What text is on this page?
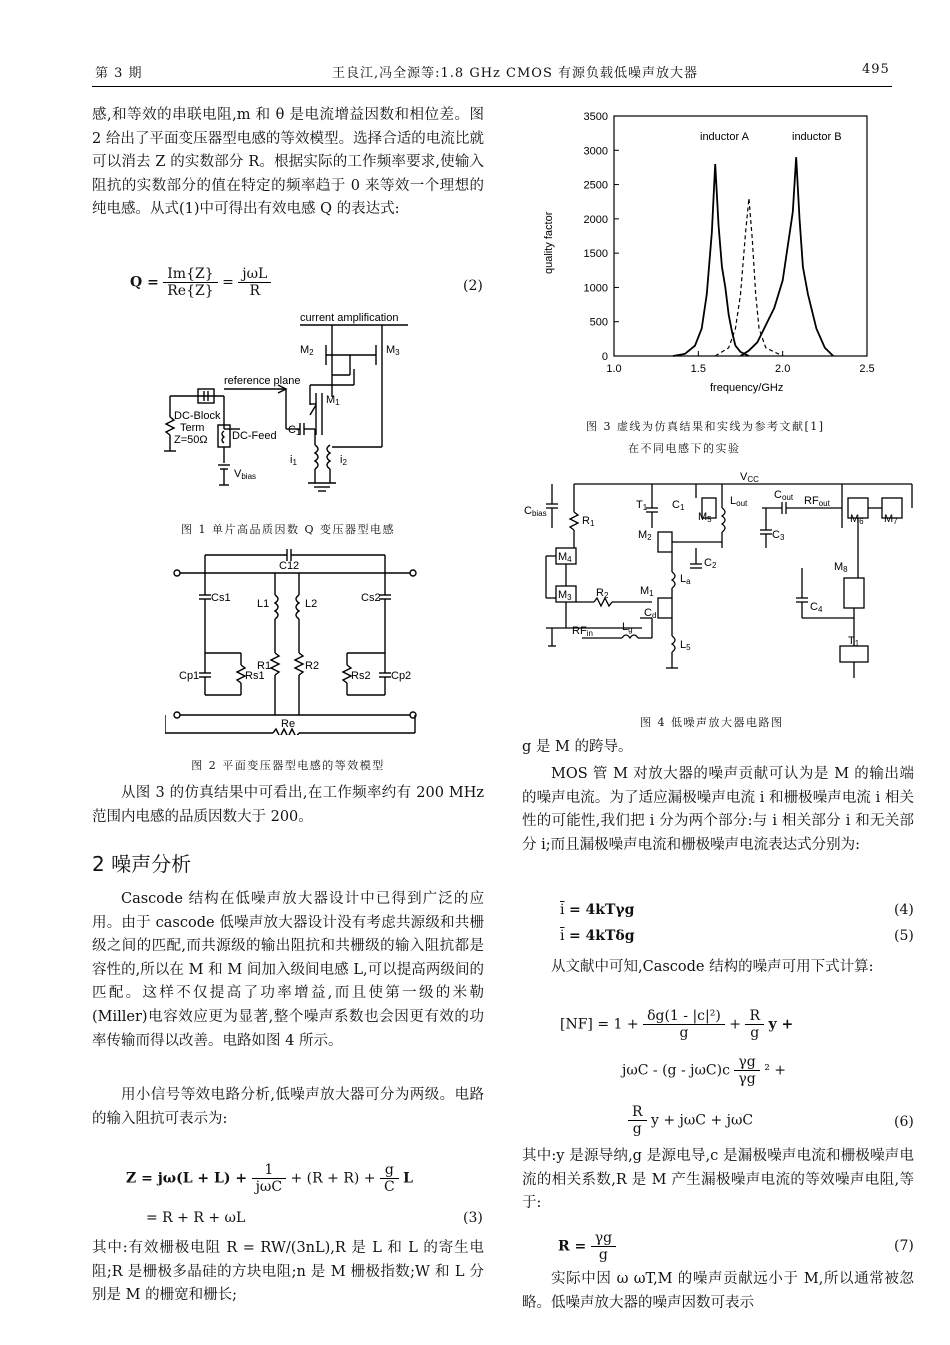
第 3 期	王良江,冯全源等:1.8 GHz CMOS 有源负载低噪声放大器	495

感,和等效的串联电阻,m 和 θ 是电流增益因数和相位差。图 2 给出了平面变压器型电感的等效模型。选择合适的电流比就可以消去 Z 的实数部分 R。根据实际的工作频率要求,使输入阻抗的实数部分的值在特定的频率趋于 0 来等效一个理想的纯电感。从式(1)中可得出有效电感 Q 的表达式:

$Q = \frac{Im\{Z\}}{Re\{Z\}} = \frac{\text{jωL}}{R}$	(2)
current amplification
reference plane
DC-Block
Term
Z=50Ω DC-Feed
Vbias
M2	M3
M1
C1
i1	i2
图 1 单片高品质因数 Q 变压器型电感
C12
Cs1	Cs2
L1	L2
R1	R2
Cp1	Rs1	Rs2 Cp2
Re
图 2 平面变压器型电感的等效模型

从图 3 的仿真结果中可看出,在工作频率约有 200 MHz 范围内电感的品质因数大于 200。

2 噪声分析

Cascode 结构在低噪声放大器设计中已得到广泛的应用。由于 cascode 低噪声放大器设计没有考虑共源级和共栅级之间的匹配,而共源级的输出阻抗和共栅级的输入阻抗都是容性的,所以在 M 和 M 间加入级间电感 L,可以提高两级间的匹配。这样不仅提高了功率增益,而且使第一级的米勒(Miller)电容效应更为显著,整个噪声系数也会因更有效的功率传输而得以改善。电路如图 4 所示。

用小信号等效电路分析,低噪声放大器可分为两级。电路的输入阻抗可表示为:

$Z = j\omega(L + L) + \frac{1}{\text{jωC}} + (R + R) + \frac{g}{C}$ L
= R + R + ωL	(3)

其中:有效栅极电阻 R = RW/(3nL),R 是 L 和 L 的寄生电阻;R 是栅极多晶硅的方块电阻;n 是 M 栅极指数;W 和 L 分别是 M 的栅宽和栅长;

0
500
1000
1500
2000
2500
3000
3500
1.0	1.5	2.0	2.5
inductor A	inductor B
frequency/GHz
quality factor
图 3 虚线为仿真结果和实线为参考文献[1]
在不同电感下的实验
VCC
Cbias
R1
T1 C1
M5
Lout
Cout RFout
M6 M7
M2
C2
C3
M4
La
M8
M3 R2	M1
C4
Cd
RFin
Lg
L5
T1
图 4 低噪声放大器电路图

g 是 M 的跨导。

MOS 管 M 对放大器的噪声贡献可认为是 M 的输出端的噪声电流。为了适应漏极噪声电流 i 和栅极噪声电流 i 相关性的可能性,我们把 i 分为两个部分:与 i 相关部分 i 和无关部分 i;而且漏极噪声电流和栅极噪声电流表达式分别为:

$\overline{i} = 4kT\gamma g$	(4)
$\overline{i} = 4kT\delta g$	(5)

从文献中可知,Cascode 结构的噪声可用下式计算:

$[NF] = 1 + \frac{\text{δg(1 - |c|²)}}{g} + \frac{R}{g}$ y +
jωC - $(g - j\omega C)c \frac{\gamma g}{\gamma g} ^2$ +
$\frac{R}{g}$ y + jωC + jωC	(6)

其中:y 是源导纳,g 是源电导,c 是漏极噪声电流和栅极噪声电流的相关系数,R 是 M 产生漏极噪声电流的等效噪声电阻,等于:

$R = \frac{\gamma g}{g}$	(7)

实际中因 ω ωT,M 的噪声贡献远小于 M,所以通常被忽略。低噪声放大器的噪声因数可表示
